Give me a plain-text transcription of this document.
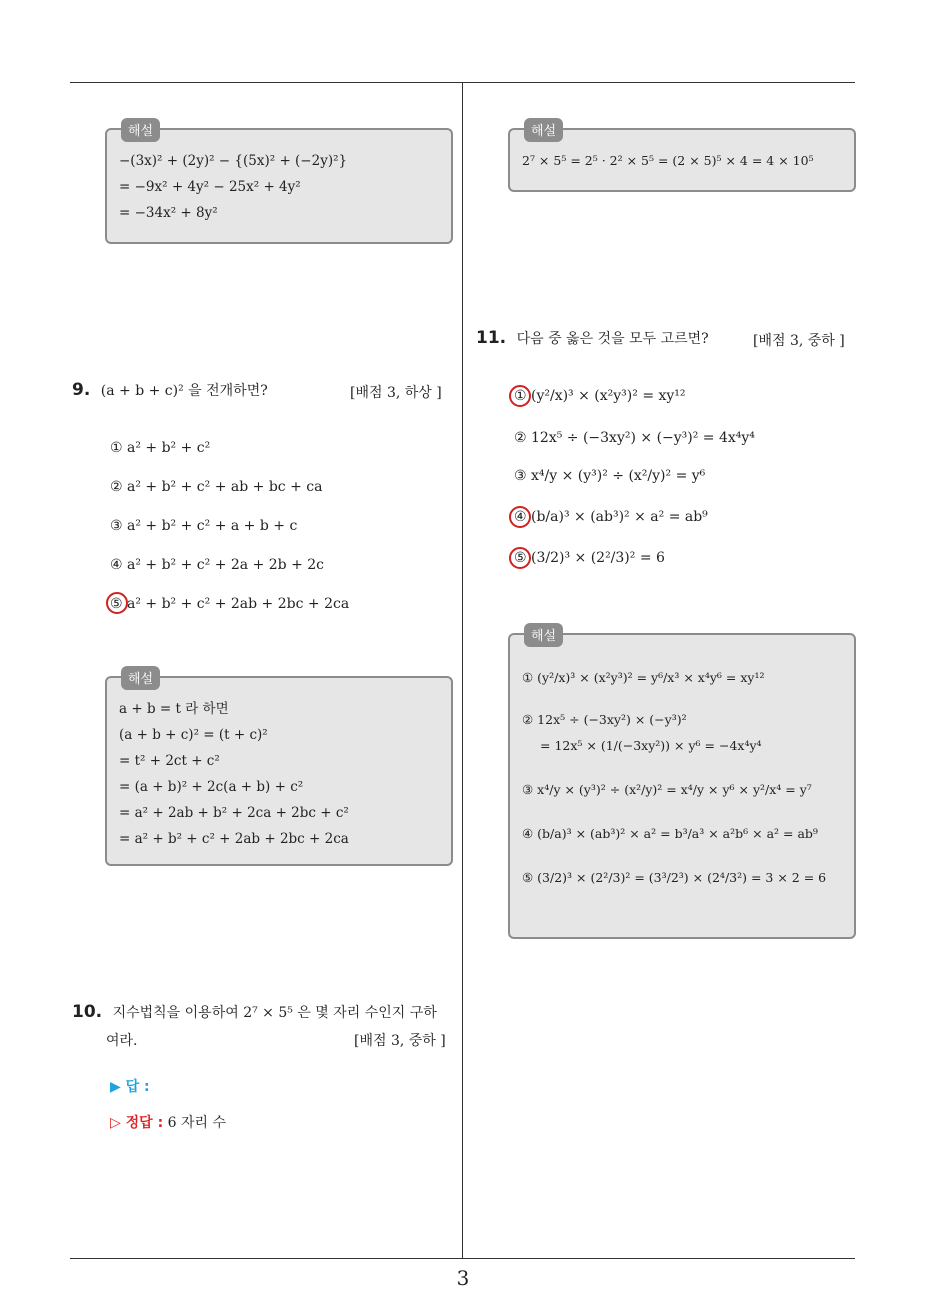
해설
−(3x)² + (2y)² − {(5x)² + (−2y)²}
= −9x² + 4y² − 25x² + 4y²
= −34x² + 8y²
9. (a + b + c)² 을 전개하면?	[배점 3, 하상 ]
① a² + b² + c²
② a² + b² + c² + ab + bc + ca
③ a² + b² + c² + a + b + c
④ a² + b² + c² + 2a + 2b + 2c
⑤ a² + b² + c² + 2ab + 2bc + 2ca
해설
a + b = t 라 하면
(a + b + c)² = (t + c)²
= t² + 2ct + c²
= (a + b)² + 2c(a + b) + c²
= a² + 2ab + b² + 2ca + 2bc + c²
= a² + b² + c² + 2ab + 2bc + 2ca
10. 지수법칙을 이용하여 2⁷ × 5⁵ 은 몇 자리 수인지 구하
여라.	[배점 3, 중하 ]
▶ 답 :
▷ 정답 : 6 자리 수
해설
2⁷ × 5⁵ = 2⁵ · 2² × 5⁵ = (2 × 5)⁵ × 4 = 4 × 10⁵
11. 다음 중 옳은 것을 모두 고르면?	[배점 3, 중하 ]
① (y²/x)³ × (x²y³)² = xy¹²
② 12x⁵ ÷ (−3xy²) × (−y³)² = 4x⁴y⁴
③ x⁴/y × (y³)² ÷ (x²/y)² = y⁶
④ (b/a)³ × (ab³)² × a² = ab⁹
⑤ (3/2)³ × (2²/3)² = 6
해설
① (y²/x)³ × (x²y³)² = y⁶/x³ × x⁴y⁶ = xy¹²
② 12x⁵ ÷ (−3xy²) × (−y³)²
= 12x⁵ × (1/(−3xy²)) × y⁶ = −4x⁴y⁴
③ x⁴/y × (y³)² ÷ (x²/y)² = x⁴/y × y⁶ × y²/x⁴ = y⁷
④ (b/a)³ × (ab³)² × a² = b³/a³ × a²b⁶ × a² = ab⁹
⑤ (3/2)³ × (2²/3)² = (3³/2³) × (2⁴/3²) = 3 × 2 = 6
3
